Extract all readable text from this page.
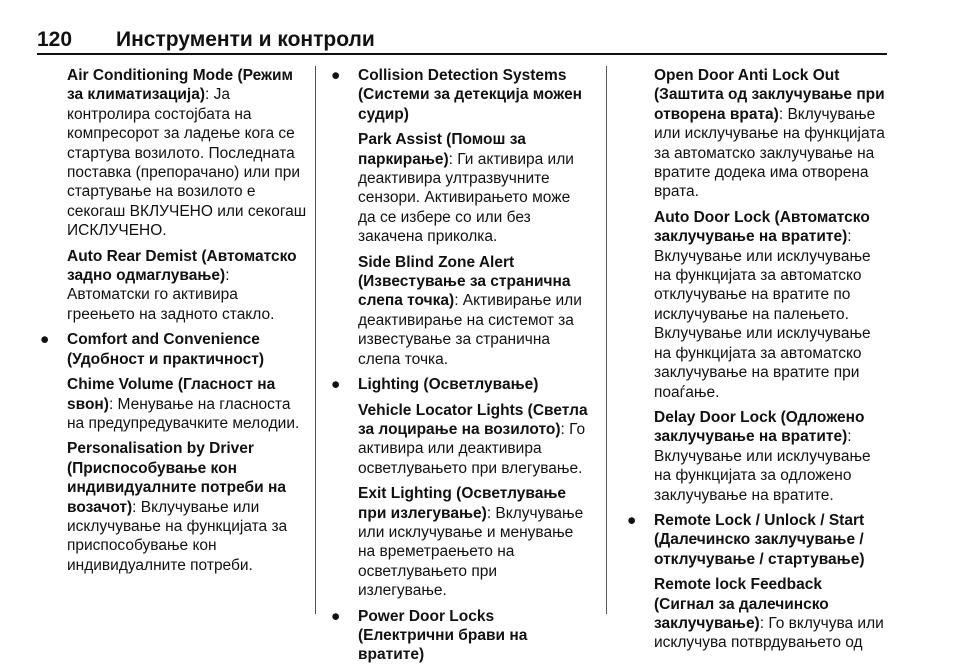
120 Инструменти и контроли
Air Conditioning Mode (Режим за климатизација): Ја контролира состојбата на компресорот за ладење кога се стартува возилото. Последната поставка (препорачано) или при стартување на возилото е секогаш ВКЛУЧЕНО или секогаш ИСКЛУЧЕНО.
Auto Rear Demist (Автоматско задно одмаглување): Автоматски го активира греењето на задното стакло.
● Comfort and Convenience (Удобност и практичност)
Chime Volume (Гласност на ѕвон): Менување на гласноста на предупредувачките мелодии.
Personalisation by Driver (Приспособување кон индивидуалните потреби на возачот): Вклучување или исклучување на функцијата за приспособување кон индивидуалните потреби.
● Collision Detection Systems (Системи за детекција можен судир)
Park Assist (Помош за паркирање): Ги активира или деактивира ултразвучните сензори. Активирањето може да се избере со или без закачена приколка.
Side Blind Zone Alert (Известување за странична слепа точка): Активирање или деактивирање на системот за известување за странична слепа точка.
● Lighting (Осветлување)
Vehicle Locator Lights (Светла за лоцирање на возилото): Го активира или деактивира осветлувањето при влегување.
Exit Lighting (Осветлување при излегување): Вклучување или исклучување и менување на времетраењето на осветлувањето при излегување.
● Power Door Locks (Електрични брави на вратите)
Open Door Anti Lock Out (Заштита од заклучување при отворена врата): Вклучување или исклучување на функцијата за автоматско заклучување на вратите додека има отворена врата.
Auto Door Lock (Автоматско заклучување на вратите): Вклучување или исклучување на функцијата за автоматско отклучување на вратите по исклучување на палењето. Вклучување или исклучување на функцијата за автоматско заклучување на вратите при поаѓање.
Delay Door Lock (Одложено заклучување на вратите): Вклучување или исклучување на функцијата за одложено заклучување на вратите.
● Remote Lock / Unlock / Start (Далечинско заклучување / отклучување / стартување)
Remote lock Feedback (Сигнал за далечинско заклучување): Го вклучува или исклучува потврдувањето од
